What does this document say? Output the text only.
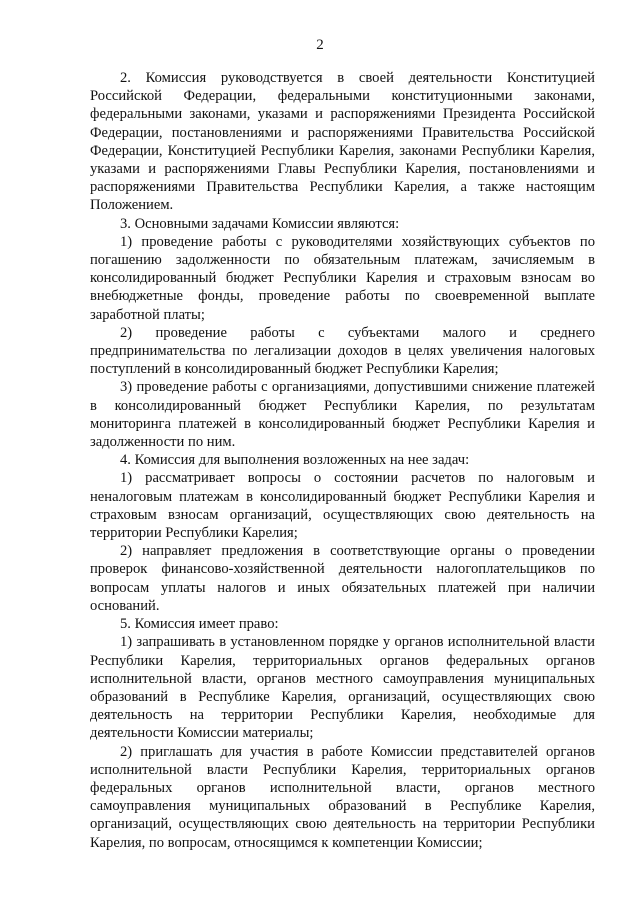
2

2. Комиссия руководствуется в своей деятельности Конституцией Российской Федерации, федеральными конституционными законами, федеральными законами, указами и распоряжениями Президента Российской Федерации, постановлениями и распоряжениями Правительства Российской Федерации, Конституцией Республики Карелия, законами Республики Карелия, указами и распоряжениями Главы Республики Карелия, постановлениями и распоряжениями Правительства Республики Карелия, а также настоящим Положением.

3. Основными задачами Комиссии являются:

1) проведение работы с руководителями хозяйствующих субъектов по погашению задолженности по обязательным платежам, зачисляемым в консолидированный бюджет Республики Карелия и страховым взносам во внебюджетные фонды, проведение работы по своевременной выплате заработной платы;

2) проведение работы с субъектами малого и среднего предпринимательства по легализации доходов в целях увеличения налоговых поступлений в консолидированный бюджет Республики Карелия;

3) проведение работы с организациями, допустившими снижение платежей в консолидированный бюджет Республики Карелия, по результатам мониторинга платежей в консолидированный бюджет Республики Карелия и задолженности по ним.

4. Комиссия для выполнения возложенных на нее задач:

1) рассматривает вопросы о состоянии расчетов по налоговым и неналоговым платежам в консолидированный бюджет Республики Карелия и страховым взносам организаций, осуществляющих свою деятельность на территории Республики Карелия;

2) направляет предложения в соответствующие органы о проведении проверок финансово-хозяйственной деятельности налогоплательщиков по вопросам уплаты налогов и иных обязательных платежей при наличии оснований.

5. Комиссия имеет право:

1) запрашивать в установленном порядке у органов исполнительной власти Республики Карелия, территориальных органов федеральных органов исполнительной власти, органов местного самоуправления муниципальных образований в Республике Карелия, организаций, осуществляющих свою деятельность на территории Республики Карелия, необходимые для деятельности Комиссии материалы;

2) приглашать для участия в работе Комиссии представителей органов исполнительной власти Республики Карелия, территориальных органов федеральных органов исполнительной власти, органов местного самоуправления муниципальных образований в Республике Карелия, организаций, осуществляющих свою деятельность на территории Республики Карелия, по вопросам, относящимся к компетенции Комиссии;
